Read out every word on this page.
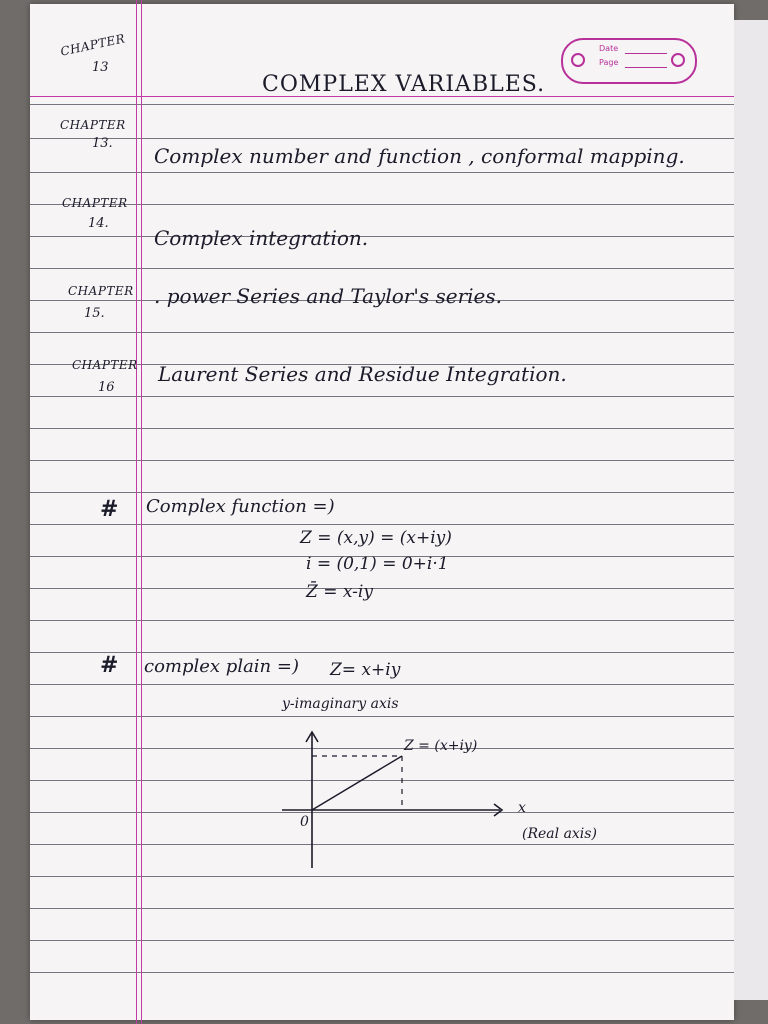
CHAPTER
13
COMPLEX VARIABLES.
Date
Page
CHAPTER
13.
Complex number and function , conformal mapping.
CHAPTER
14.
Complex integration.
CHAPTER
15.
. power Series and Taylor's series.
CHAPTER
16
Laurent Series and Residue Integration.
# Complex function =)
Z = (x,y) = (x+iy)
i = (0,1) = 0+i·1
Z̄ = x-iy
# complex plain =) Z= x+iy
y-imaginary axis
Z = (x+iy)
0
x
(Real axis)
